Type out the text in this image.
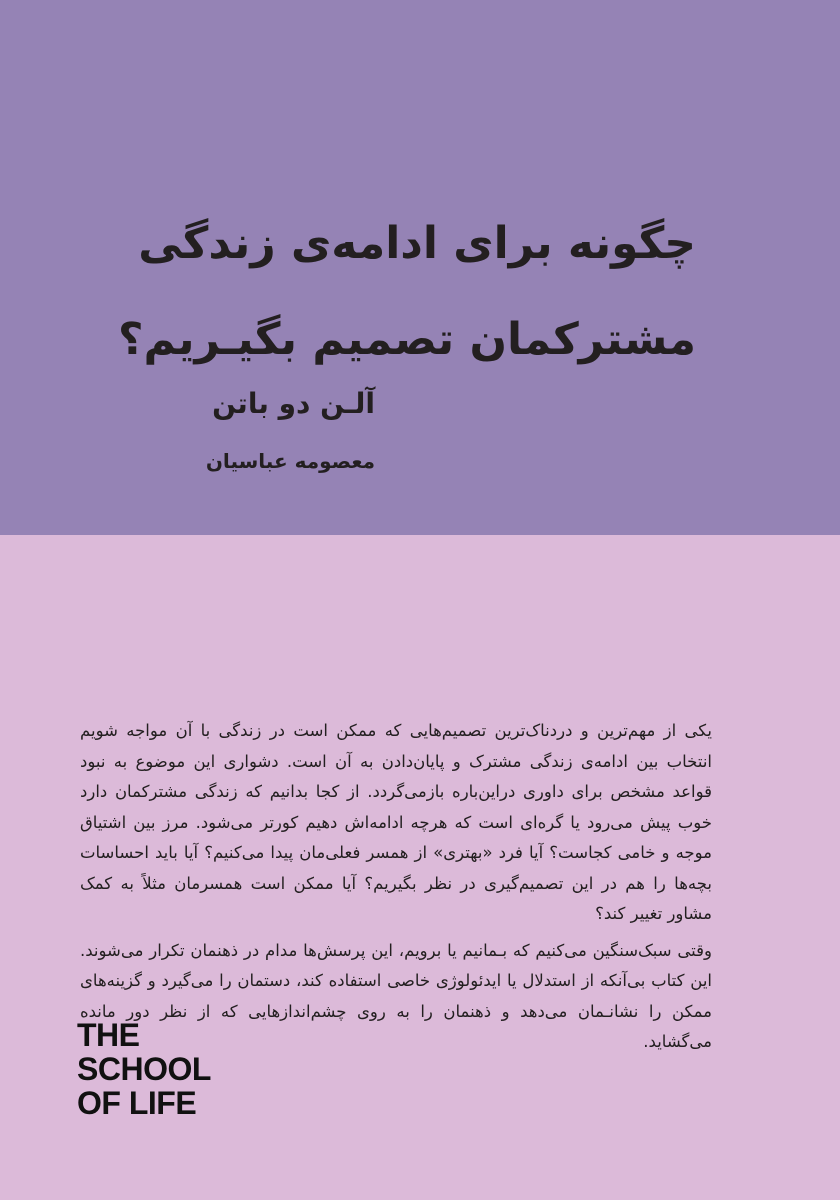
چگونه برای ادامه‌ی زندگی
مشترکمان تصمیم بگیـریم؟
آلـن دو باتن
معصومه عباسیان

یکی از مهم‌ترین و دردناک‌ترین تصمیم‌هایی که ممکن است در زندگی با آن مواجه شویم انتخاب بین ادامه‌ی زندگی مشترک و پایان‌دادن به آن است. دشواری این موضوع به نبود قواعد مشخص برای داوری دراین‌باره بازمی‌گردد. از کجا بدانیم که زندگی مشترکمان دارد خوب پیش می‌رود یا گره‌ای است که هرچه ادامه‌اش دهیم کورتر می‌شود. مرز بین اشتیاق موجه و خامی کجاست؟ آیا فرد «بهتری» از همسر فعلی‌مان پیدا می‌کنیم؟ آیا باید احساسات بچه‌ها را هم در این تصمیم‌گیری در نظر بگیریم؟ آیا ممکن است همسرمان مثلاً به کمک مشاور تغییر کند؟

وقتی سبک‌سنگین می‌کنیم که بـمانیم یا برویم، این پرسش‌ها مدام در ذهنمان تکرار می‌شوند. این کتاب بی‌آنکه از استدلال یا ایدئولوژی خاصی استفاده کند، دستمان را می‌گیرد و گزینه‌های ممکن را نشانـمان می‌دهد و ذهنمان را به روی چشم‌اندازهایی که از نظر دور مانده می‌گشاید.

THE
SCHOOL
OF LIFE
